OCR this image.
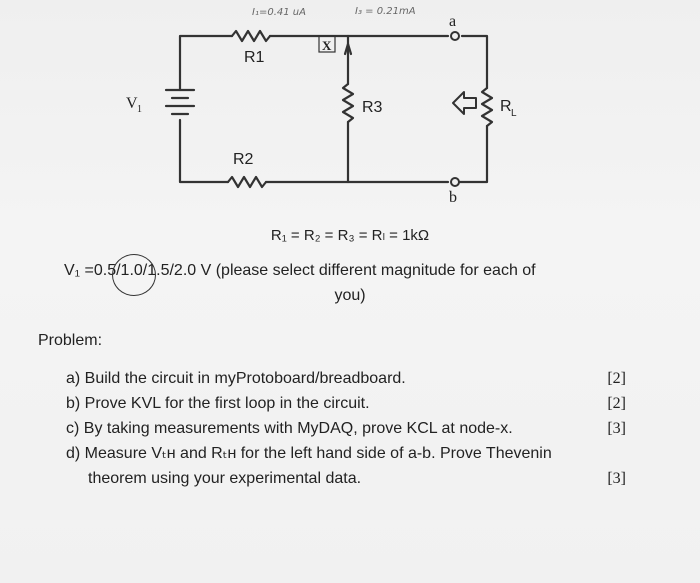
R1
R2
R3	R L
V 1
X
a
b
I₁=0.41 uA	I₃ = 0.21mA
R₁ = R₂ = R₃ = Rₗ = 1kΩ
V₁ =0.5/1.0/1.5/2.0 V (please select different magnitude for each of
you)
Problem:
a) Build the circuit in myProtoboard/breadboard.	[2]
b) Prove KVL for the first loop in the circuit.	[2]
c) By taking measurements with MyDAQ, prove KCL at node-x.	[3]
d) Measure Vₜʜ and Rₜʜ for the left hand side of a-b. Prove Thevenin
theorem using your experimental data.	[3]
